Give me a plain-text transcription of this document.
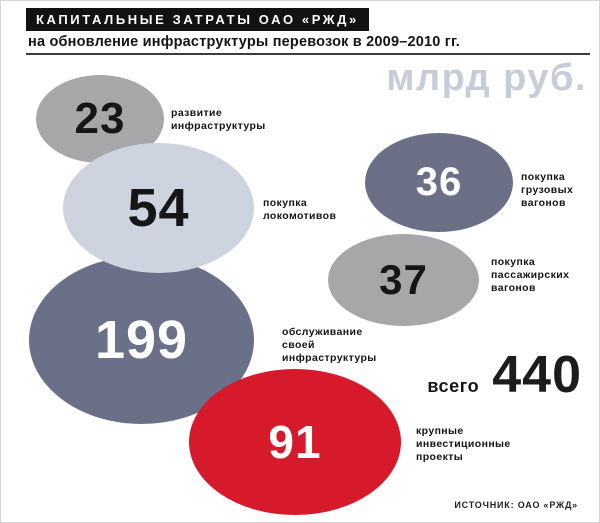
КАПИТАЛЬНЫЕ ЗАТРАТЫ ОАО «РЖД»
на обновление инфраструктуры перевозок в 2009–2010 гг.
млрд руб.
23
199
54	36
37
91
развитие инфраструктуры
покупка локомотивов
покупка грузовых вагонов
покупка пассажирских вагонов
обслуживание своей инфраструктуры
крупные инвестиционные проекты
всего 440
ИСТОЧНИК: ОАО «РЖД»
